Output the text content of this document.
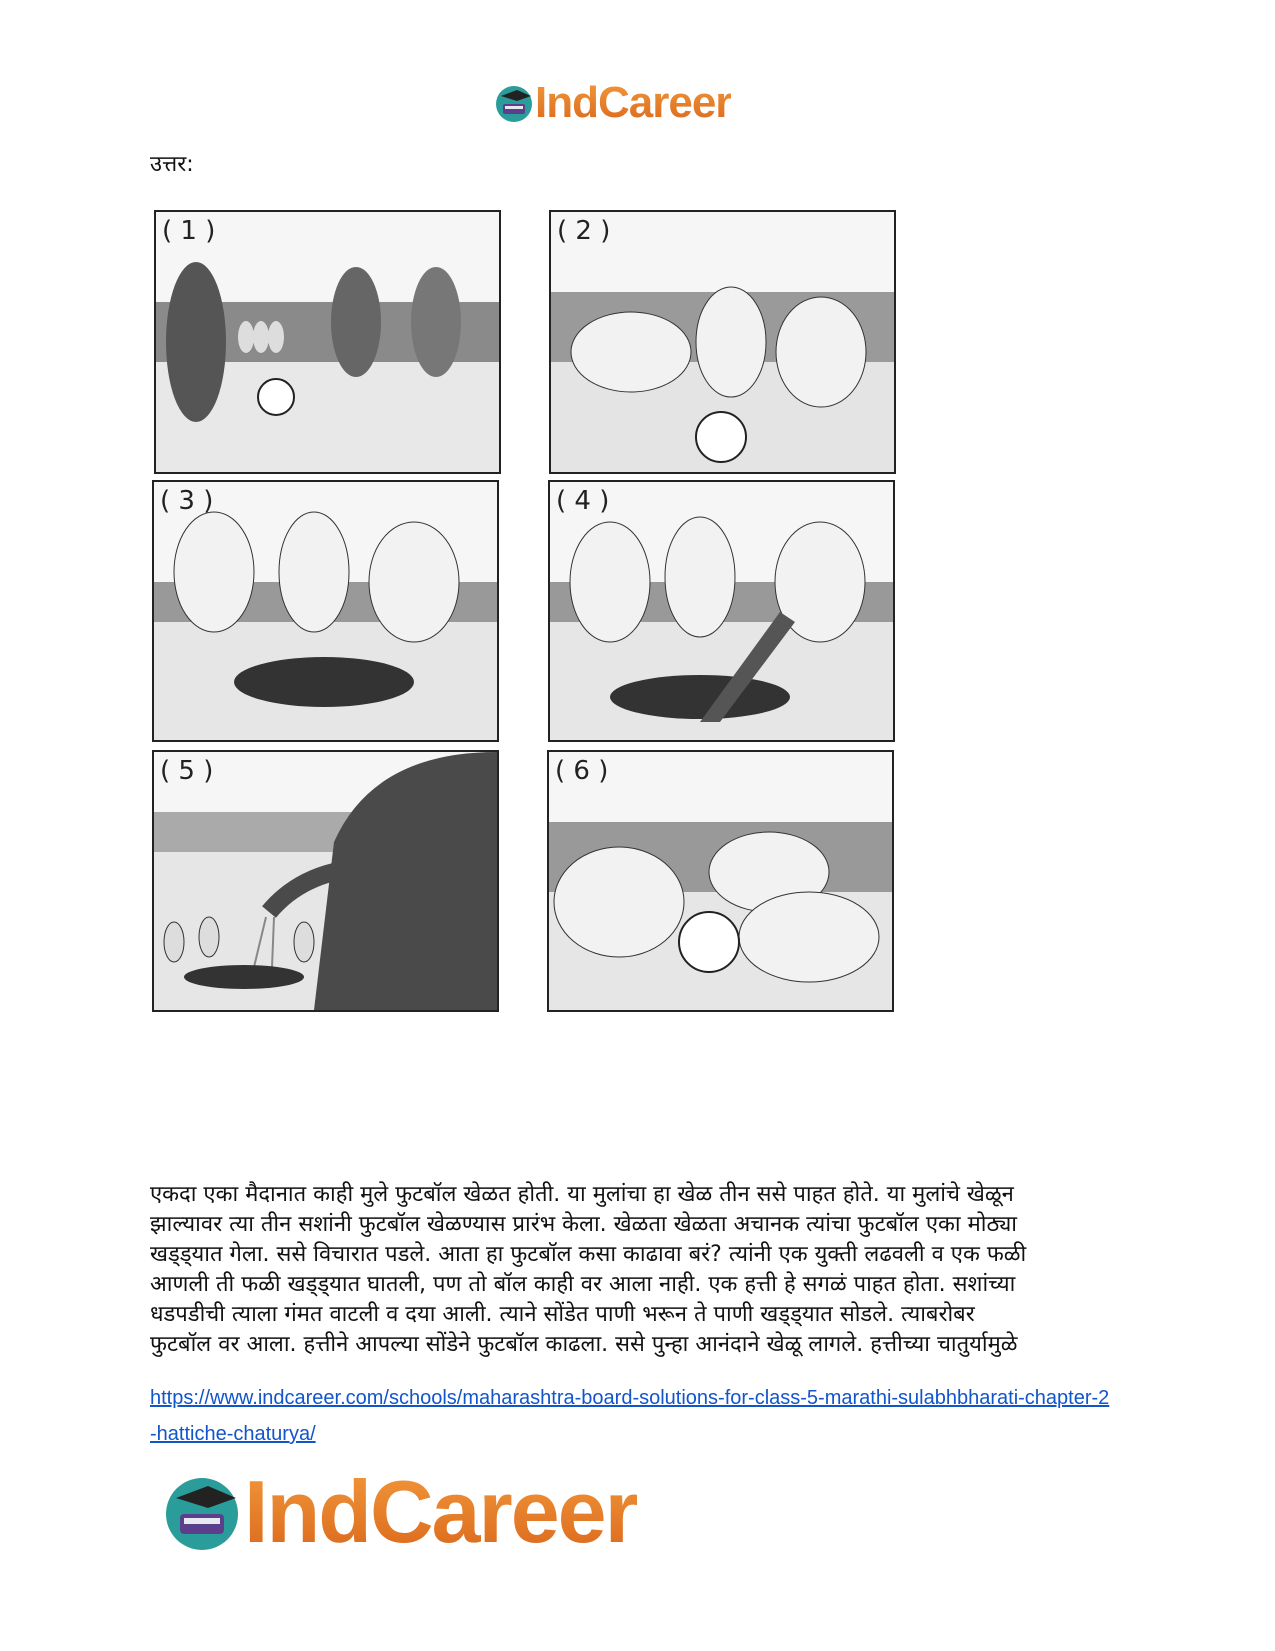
IndCareer
उत्तर:
( 1 )	( 2 )
( 3 )	( 4 )
( 5 )	( 6 )

एकदा एका मैदानात काही मुले फुटबॉल खेळत होती. या मुलांचा हा खेळ तीन ससे पाहत होते. या मुलांचे खेळून

झाल्यावर त्या तीन सशांनी फुटबॉल खेळण्यास प्रारंभ केला. खेळता खेळता अचानक त्यांचा फुटबॉल एका मोठ्या

खड्ड्यात गेला. ससे विचारात पडले. आता हा फुटबॉल कसा काढावा बरं? त्यांनी एक युक्ती लढवली व एक फळी

आणली ती फळी खड्ड्यात घातली, पण तो बॉल काही वर आला नाही. एक हत्ती हे सगळं पाहत होता. सशांच्या

धडपडीची त्याला गंमत वाटली व दया आली. त्याने सोंडेत पाणी भरून ते पाणी खड्ड्यात सोडले. त्याबरोबर

फुटबॉल वर आला. हत्तीने आपल्या सोंडेने फुटबॉल काढला. ससे पुन्हा आनंदाने खेळू लागले. हत्तीच्या चातुर्यामुळे

https://www.indcareer.com/schools/maharashtra-board-solutions-for-class-5-marathi-sulabhbharati-chapter-2-hattiche-chaturya/
IndCareer
